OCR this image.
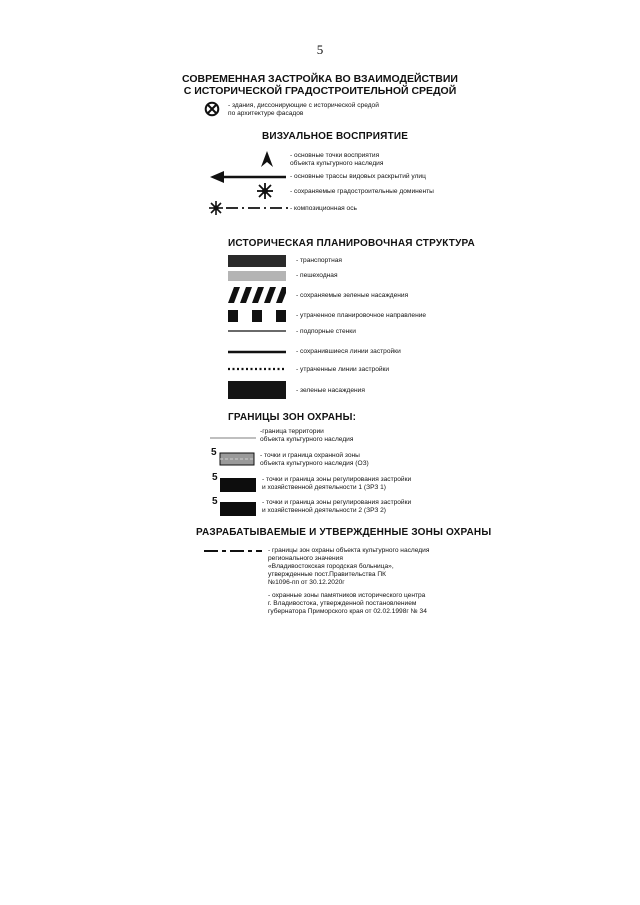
5
СОВРЕМЕННАЯ ЗАСТРОЙКА ВО ВЗАИМОДЕЙСТВИИ
С ИСТОРИЧЕСКОЙ ГРАДОСТРОИТЕЛЬНОЙ СРЕДОЙ
- здания, диссонирующие с исторической средой
по архитектуре фасадов
ВИЗУАЛЬНОЕ ВОСПРИЯТИЕ
- основные точки восприятия
объекта культурного наследия
- основные трассы видовых раскрытий улиц
- сохраняемые градостроительные доминенты
- композиционная ось
ИСТОРИЧЕСКАЯ ПЛАНИРОВОЧНАЯ СТРУКТУРА
- транспортная
- пешеходная
- сохраняемые зеленые насаждения
- утраченное планировочное направление
- подпорные стенки
- сохранившиеся линии застройки
- утраченные линии застройки
- зеленые насаждения
ГРАНИЦЫ ЗОН ОХРАНЫ:
-граница территории
объекта культурного наследия
5	- точки и граница охранной зоны
объекта культурного наследия (ОЗ)
5	- точки и граница зоны регулирования застройки
и хозяйственной деятельности 1 (ЗРЗ 1)
5	- точки и граница зоны регулирования застройки
и хозяйственной деятельности 2 (ЗРЗ 2)
РАЗРАБАТЫВАЕМЫЕ И УТВЕРЖДЕННЫЕ ЗОНЫ ОХРАНЫ
- границы зон охраны объекта культурного наследия
регионального значения
«Владивостокская городская больница»,
утвержденные пост.Правительства ПК
№1096-пп от 30.12.2020г
- охранные зоны памятников исторического центра
г. Владивостока, утвержденной постановлением
губернатора Приморского края от 02.02.1998г № 34
